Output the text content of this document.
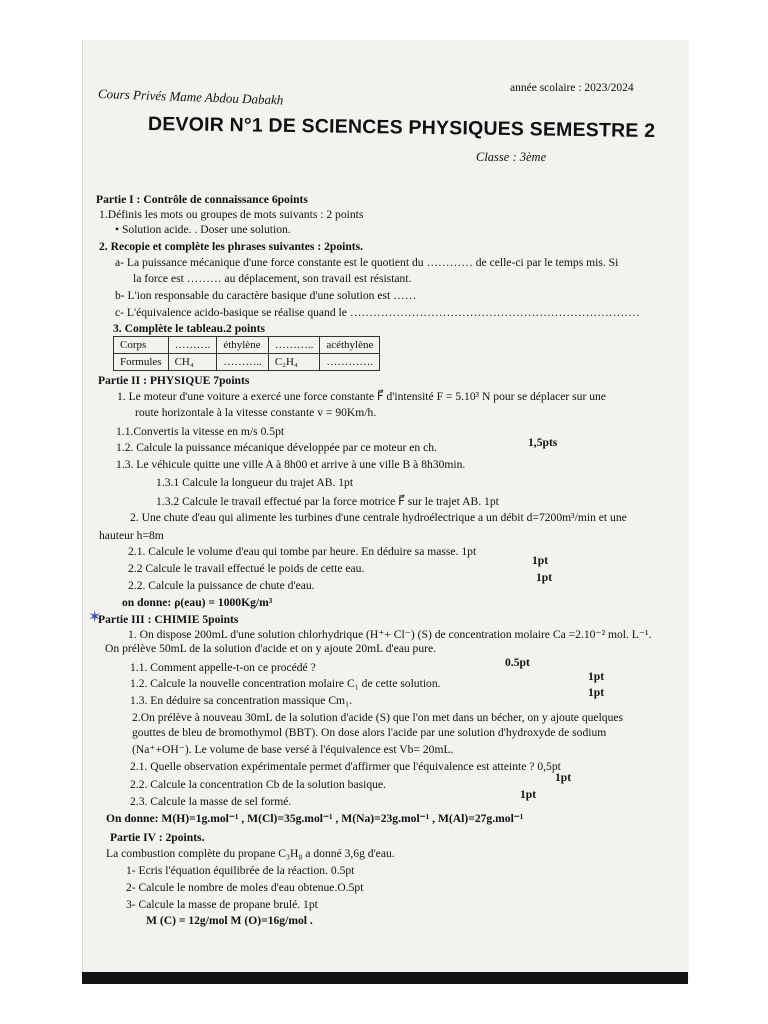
Cours Privés Mame Abdou Dabakh	année scolaire : 2023/2024
DEVOIR N°1 DE SCIENCES PHYSIQUES SEMESTRE 2
Classe : 3ème
Partie I : Contrôle de connaissance 6points
1.Définis les mots ou groupes de mots suivants : 2 points
• Solution acide. . Doser une solution.
2. Recopie et complète les phrases suivantes : 2points.
a- La puissance mécanique d'une force constante est le quotient du ………… de celle-ci par le temps mis. Si
la force est ……… au déplacement, son travail est résistant.
b- L'ion responsable du caractère basique d'une solution est ……
c- L'équivalence acido-basique se réalise quand le …………………………………………………………………
3. Complète le tableau.2 points
Partie II : PHYSIQUE 7points
1. Le moteur d'une voiture a exercé une force constante F⃗ d'intensité F = 5.10³ N pour se déplacer sur une
route horizontale à la vitesse constante v = 90Km/h.
1.1.Convertis la vitesse en m/s 0.5pt
1.2. Calcule la puissance mécanique développée par ce moteur en ch.	1,5pts
1.3. Le véhicule quitte une ville A à 8h00 et arrive à une ville B à 8h30min.
1.3.1 Calcule la longueur du trajet AB. 1pt
1.3.2 Calcule le travail effectué par la force motrice F⃗ sur le trajet AB. 1pt
2. Une chute d'eau qui alimente les turbines d'une centrale hydroélectrique a un débit d=7200m³/min et une
hauteur h=8m
2.1. Calcule le volume d'eau qui tombe par heure. En déduire sa masse. 1pt
2.2 Calcule le travail effectué le poids de cette eau.
1pt
2.2. Calcule la puissance de chute d'eau.
1pt
on donne: ρ(eau) = 1000Kg/m³
Partie III : CHIMIE 5points
1. On dispose 200mL d'une solution chlorhydrique (H⁺+ Cl⁻) (S) de concentration molaire Ca =2.10⁻² mol. L⁻¹.
On prélève 50mL de la solution d'acide et on y ajoute 20mL d'eau pure.
0.5pt
1.1. Comment appelle-t-on ce procédé ?
1.2. Calcule la nouvelle concentration molaire C₁ de cette solution.
1pt
1.3. En déduire sa concentration massique Cm₁.
1pt
2.On prélève à nouveau 30mL de la solution d'acide (S) que l'on met dans un bécher, on y ajoute quelques
gouttes de bleu de bromothymol (BBT). On dose alors l'acide par une solution d'hydroxyde de sodium
(Na⁺+OH⁻). Le volume de base versé à l'équivalence est Vb= 20mL.
2.1. Quelle observation expérimentale permet d'affirmer que l'équivalence est atteinte ? 0,5pt
1pt
2.2. Calcule la concentration Cb de la solution basique.
1pt
2.3. Calcule la masse de sel formé.
On donne: M(H)=1g.mol⁻¹ , M(Cl)=35g.mol⁻¹ , M(Na)=23g.mol⁻¹ , M(Al)=27g.mol⁻¹
Partie IV : 2points.
La combustion complète du propane C₃H₈ a donné 3,6g d'eau.
1- Ecris l'équation équilibrée de la réaction. 0.5pt
2- Calcule le nombre de moles d'eau obtenue.O.5pt
3- Calcule la masse de propane brulé. 1pt
M (C) = 12g/mol M (O)=16g/mol .
Corps	……….	éthylène	………..	acéthylène
Formules	CH₄	………..	C₂H₄	………….
✶
